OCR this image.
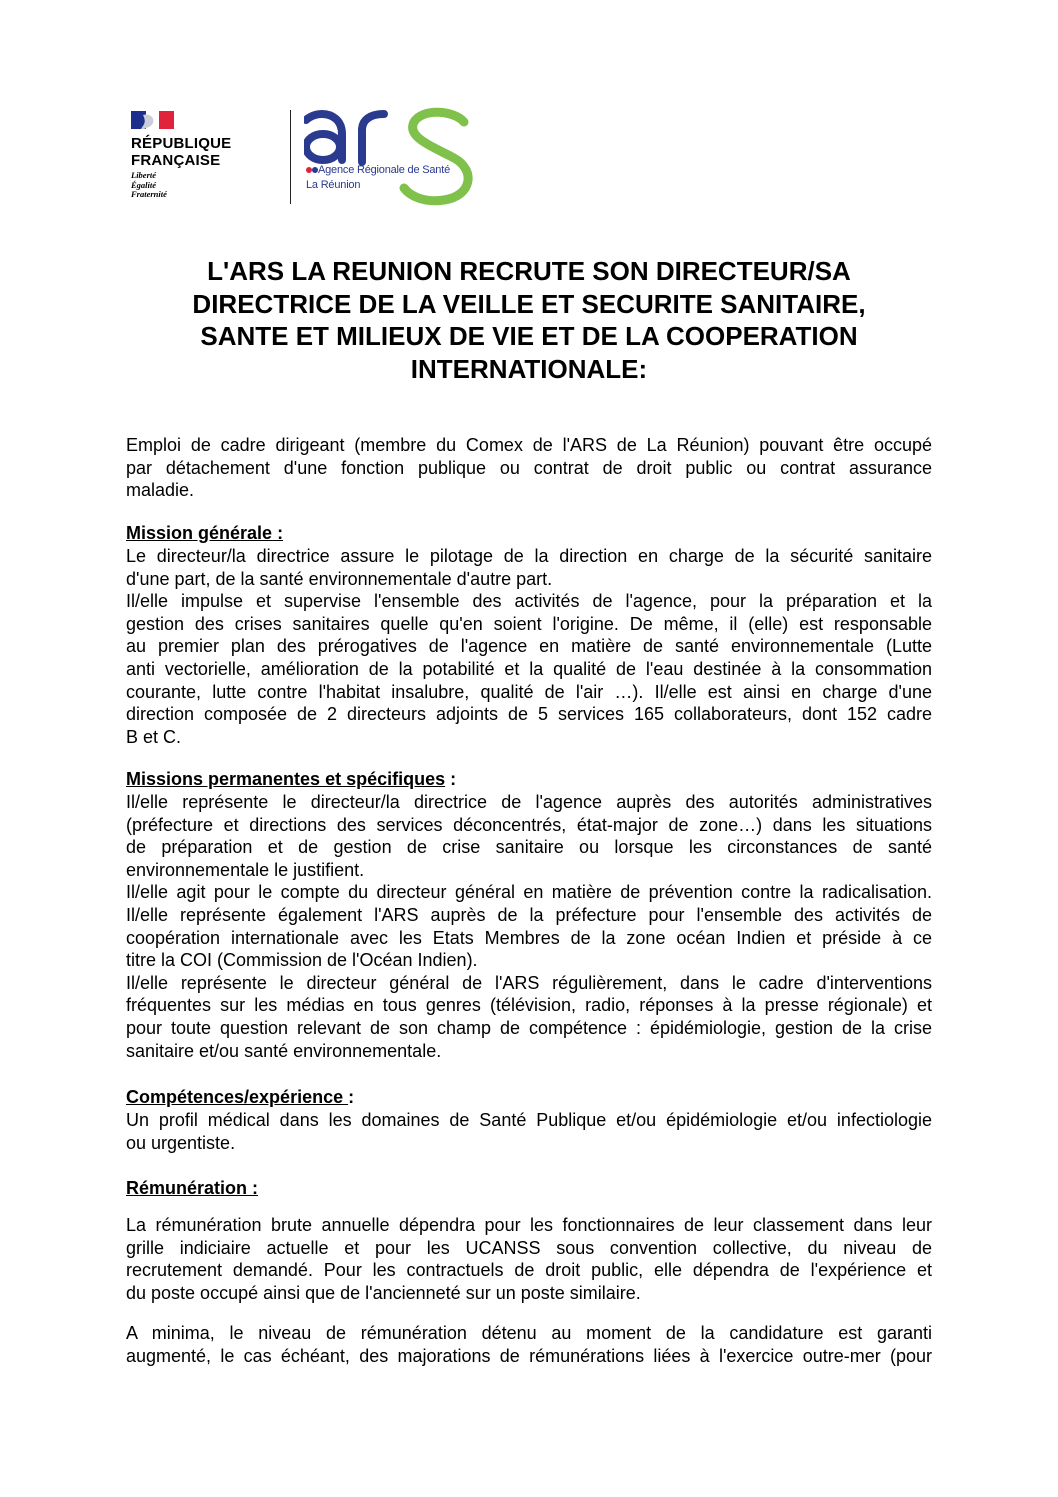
RÉPUBLIQUE
FRANÇAISE
Liberté
Égalité
Fraternité
Agence Régionale de Santé
La Réunion
L'ARS LA REUNION RECRUTE SON DIRECTEUR/SA
DIRECTRICE DE LA VEILLE ET SECURITE SANITAIRE,
SANTE ET MILIEUX DE VIE ET DE LA COOPERATION
INTERNATIONALE:
Emploi de cadre dirigeant (membre du Comex de l'ARS de La Réunion) pouvant être occupé
par détachement d'une fonction publique ou contrat de droit public ou contrat assurance
maladie.
Mission générale :
Le directeur/la directrice assure le pilotage de la direction en charge de la sécurité sanitaire
d'une part, de la santé environnementale d'autre part.
Il/elle impulse et supervise l'ensemble des activités de l'agence, pour la préparation et la
gestion des crises sanitaires quelle qu'en soient l'origine. De même, il (elle) est responsable
au premier plan des prérogatives de l'agence en matière de santé environnementale (Lutte
anti vectorielle, amélioration de la potabilité et la qualité de l'eau destinée à la consommation
courante, lutte contre l'habitat insalubre, qualité de l'air …). Il/elle est ainsi en charge d'une
direction composée de 2 directeurs adjoints de 5 services 165 collaborateurs, dont 152 cadre
B et C.
Missions permanentes et spécifiques :
Il/elle représente le directeur/la directrice de l'agence auprès des autorités administratives
(préfecture et directions des services déconcentrés, état-major de zone…) dans les situations
de préparation et de gestion de crise sanitaire ou lorsque les circonstances de santé
environnementale le justifient.
Il/elle agit pour le compte du directeur général en matière de prévention contre la radicalisation.
Il/elle représente également l'ARS auprès de la préfecture pour l'ensemble des activités de
coopération internationale avec les Etats Membres de la zone océan Indien et préside à ce
titre la COI (Commission de l'Océan Indien).
Il/elle représente le directeur général de l'ARS régulièrement, dans le cadre d'interventions
fréquentes sur les médias en tous genres (télévision, radio, réponses à la presse régionale) et
pour toute question relevant de son champ de compétence : épidémiologie, gestion de la crise
sanitaire et/ou santé environnementale.
Compétences/expérience :
Un profil médical dans les domaines de Santé Publique et/ou épidémiologie et/ou infectiologie
ou urgentiste.
Rémunération :
La rémunération brute annuelle dépendra pour les fonctionnaires de leur classement dans leur
grille indiciaire actuelle et pour les UCANSS sous convention collective, du niveau de
recrutement demandé. Pour les contractuels de droit public, elle dépendra de l'expérience et
du poste occupé ainsi que de l'ancienneté sur un poste similaire.
A minima, le niveau de rémunération détenu au moment de la candidature est garanti
augmenté, le cas échéant, des majorations de rémunérations liées à l'exercice outre-mer (pour
